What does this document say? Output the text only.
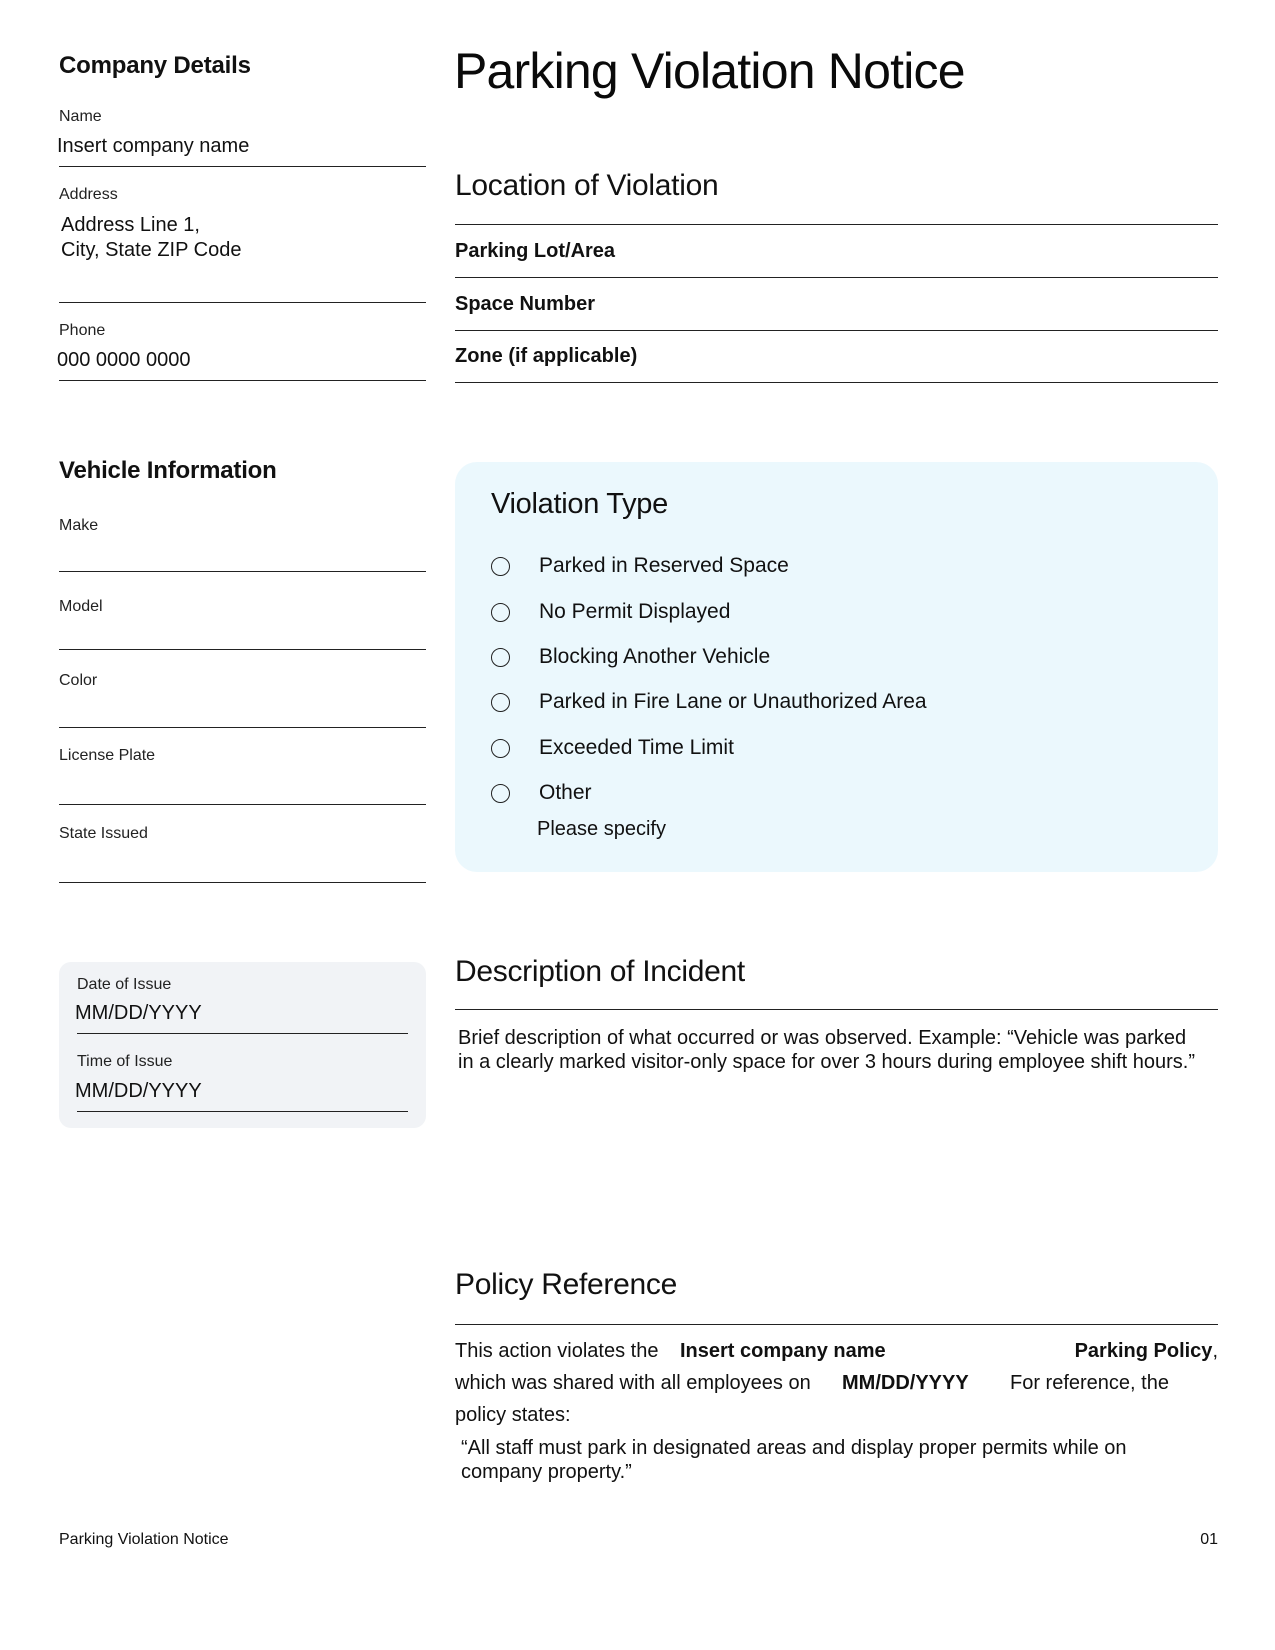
Company Details
Name
Insert company name
Address
Address Line 1,
City, State ZIP Code
Phone
000 0000 0000
Vehicle Information
Make
Model
Color
License Plate
State Issued
Date of Issue
MM/DD/YYYY
Time of Issue
MM/DD/YYYY
Parking Violation Notice
Location of Violation
Parking Lot/Area
Space Number
Zone (if applicable)
Violation Type
Parked in Reserved Space
No Permit Displayed
Blocking Another Vehicle
Parked in Fire Lane or Unauthorized Area
Exceeded Time Limit
Other
Please specify
Description of Incident
Brief description of what occurred or was observed. Example: “Vehicle was parked in a clearly marked visitor-only space for over 3 hours during employee shift hours.”
Policy Reference
This action violates the Insert company name	Parking Policy,
which was shared with all employees on MM/DD/YYYY For reference, the
policy states:
“All staff must park in designated areas and display proper permits while on company property.”
Parking Violation Notice	01
